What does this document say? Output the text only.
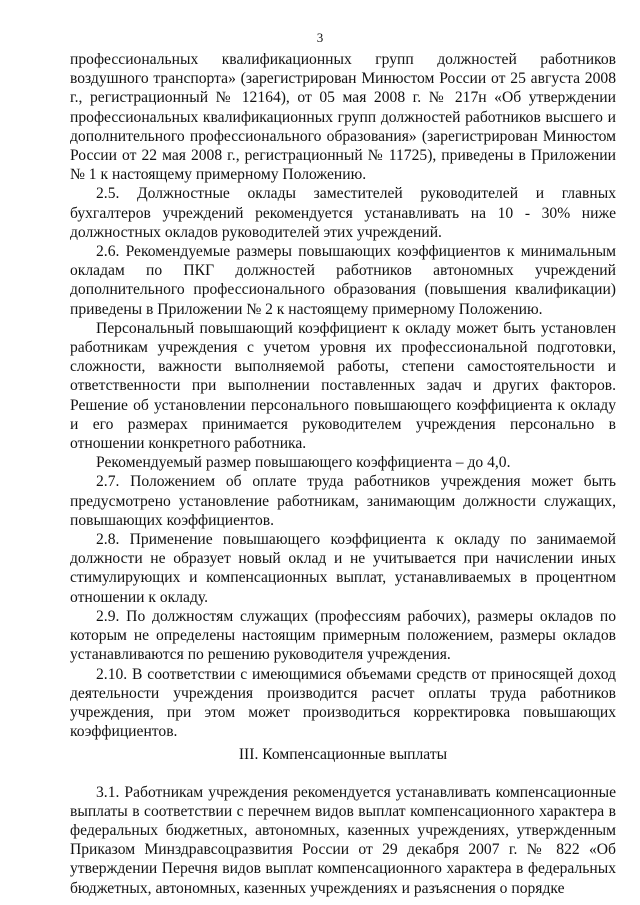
3

профессиональных квалификационных групп должностей работников воздушного транспорта» (зарегистрирован Минюстом России от 25 августа 2008 г., регистрационный № 12164), от 05 мая 2008 г. № 217н «Об утверждении профессиональных квалификационных групп должностей работников высшего и дополнительного профессионального образования» (зарегистрирован Минюстом России от 22 мая 2008 г., регистрационный № 11725), приведены в Приложении № 1 к настоящему примерному Положению.

2.5. Должностные оклады заместителей руководителей и главных бухгалтеров учреждений рекомендуется устанавливать на 10 - 30% ниже должностных окладов руководителей этих учреждений.

2.6. Рекомендуемые размеры повышающих коэффициентов к минимальным окладам по ПКГ должностей работников автономных учреждений дополнительного профессионального образования (повышения квалификации) приведены в Приложении № 2 к настоящему примерному Положению.

Персональный повышающий коэффициент к окладу может быть установлен работникам учреждения с учетом уровня их профессиональной подготовки, сложности, важности выполняемой работы, степени самостоятельности и ответственности при выполнении поставленных задач и других факторов. Решение об установлении персонального повышающего коэффициента к окладу и его размерах принимается руководителем учреждения персонально в отношении конкретного работника.

Рекомендуемый размер повышающего коэффициента – до 4,0.

2.7. Положением об оплате труда работников учреждения может быть предусмотрено установление работникам, занимающим должности служащих, повышающих коэффициентов.

2.8. Применение повышающего коэффициента к окладу по занимаемой должности не образует новый оклад и не учитывается при начислении иных стимулирующих и компенсационных выплат, устанавливаемых в процентном отношении к окладу.

2.9. По должностям служащих (профессиям рабочих), размеры окладов по которым не определены настоящим примерным положением, размеры окладов устанавливаются по решению руководителя учреждения.

2.10. В соответствии с имеющимися объемами средств от приносящей доход деятельности учреждения производится расчет оплаты труда работников учреждения, при этом может производиться корректировка повышающих коэффициентов.

III. Компенсационные выплаты

3.1. Работникам учреждения рекомендуется устанавливать компенсационные выплаты в соответствии с перечнем видов выплат компенсационного характера в федеральных бюджетных, автономных, казенных учреждениях, утвержденным Приказом Минздравсоцразвития России от 29 декабря 2007 г. № 822 «Об утверждении Перечня видов выплат компенсационного характера в федеральных бюджетных, автономных, казенных учреждениях и разъяснения о порядке
